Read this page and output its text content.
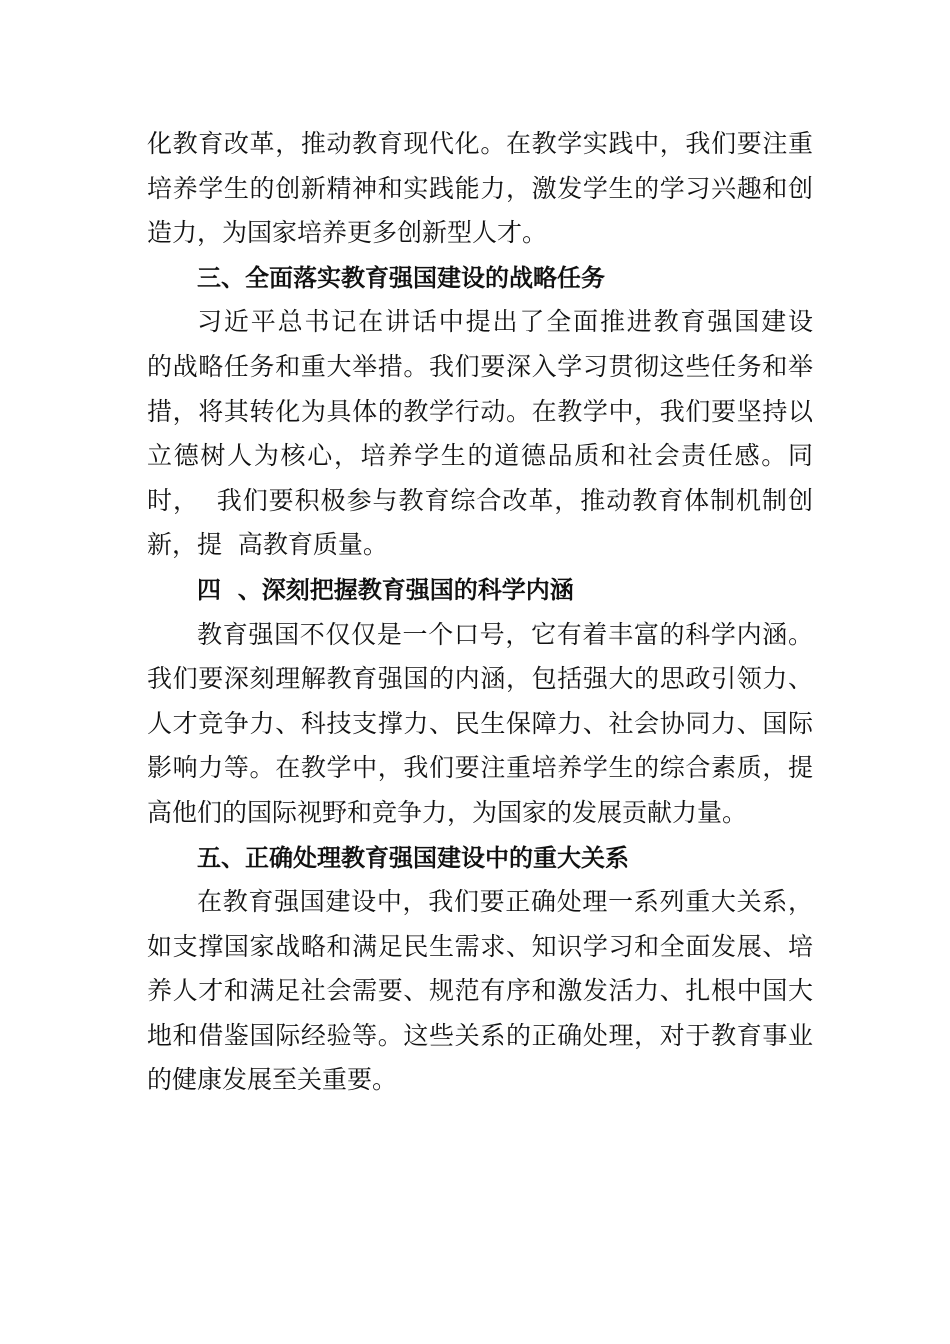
化教育改革，推动教育现代化。在教学实践中，我们要注重
培养学生的创新精神和实践能力，激发学生的学习兴趣和创
造力，为国家培养更多创新型人才。
三、全面落实教育强国建设的战略任务
习近平总书记在讲话中提出了全面推进教育强国建设
的战略任务和重大举措。我们要深入学习贯彻这些任务和举
措，将其转化为具体的教学行动。在教学中，我们要坚持以
立德树人为核心，培养学生的道德品质和社会责任感。同
时，  我们要积极参与教育综合改革，推动教育体制机制创
新，提  高教育质量。
四  、深刻把握教育强国的科学内涵
教育强国不仅仅是一个口号，它有着丰富的科学内涵。
我们要深刻理解教育强国的内涵，包括强大的思政引领力、
人才竞争力、科技支撑力、民生保障力、社会协同力、国际
影响力等。在教学中，我们要注重培养学生的综合素质，提
高他们的国际视野和竞争力，为国家的发展贡献力量。
五、正确处理教育强国建设中的重大关系
在教育强国建设中，我们要正确处理一系列重大关系，
如支撑国家战略和满足民生需求、知识学习和全面发展、培
养人才和满足社会需要、规范有序和激发活力、扎根中国大
地和借鉴国际经验等。这些关系的正确处理，对于教育事业
的健康发展至关重要。
